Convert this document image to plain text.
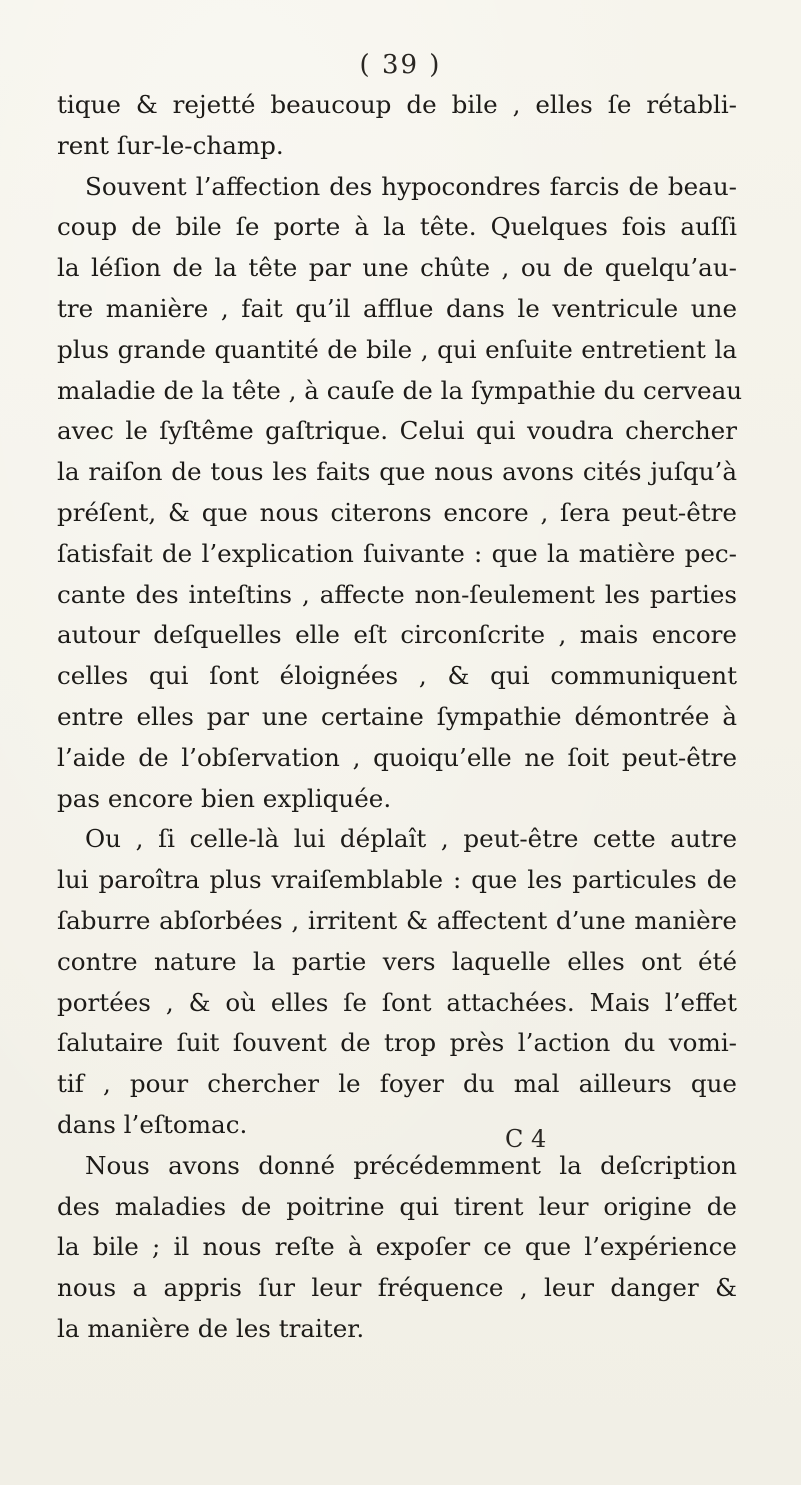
( 39 )
tique & rejetté beaucoup de bile , elles ſe rétabli-
rent ſur-le-champ.
Souvent l’affection des hypocondres farcis de beau-
coup de bile ſe porte à la tête. Quelques fois auſſi
la léſion de la tête par une chûte , ou de quelqu’au-
tre manière , fait qu’il afflue dans le ventricule une
plus grande quantité de bile , qui enſuite entretient la
maladie de la tête , à cauſe de la ſympathie du cerveau
avec le ſyſtême gaſtrique. Celui qui voudra chercher
la raiſon de tous les faits que nous avons cités juſqu’à
préſent, & que nous citerons encore , ſera peut-être
ſatisfait de l’explication ſuivante : que la matière pec-
cante des inteſtins , affecte non-ſeulement les parties
autour deſquelles elle eſt circonſcrite , mais encore
celles qui ſont éloignées , & qui communiquent
entre elles par une certaine ſympathie démontrée à
l’aide de l’obſervation , quoiqu’elle ne ſoit peut-être
pas encore bien expliquée.
Ou , ſi celle-là lui déplaît , peut-être cette autre
lui paroîtra plus vraiſemblable : que les particules de
ſaburre abſorbées , irritent & affectent d’une manière
contre nature la partie vers laquelle elles ont été
portées , & où elles ſe ſont attachées. Mais l’effet
ſalutaire ſuit ſouvent de trop près l’action du vomi-
tif , pour chercher le foyer du mal ailleurs que
dans l’eſtomac.
Nous avons donné précédemment la deſcription
des maladies de poitrine qui tirent leur origine de
la bile ; il nous reſte à expoſer ce que l’expérience
nous a appris ſur leur fréquence , leur danger &
la manière de les traiter.
C 4
